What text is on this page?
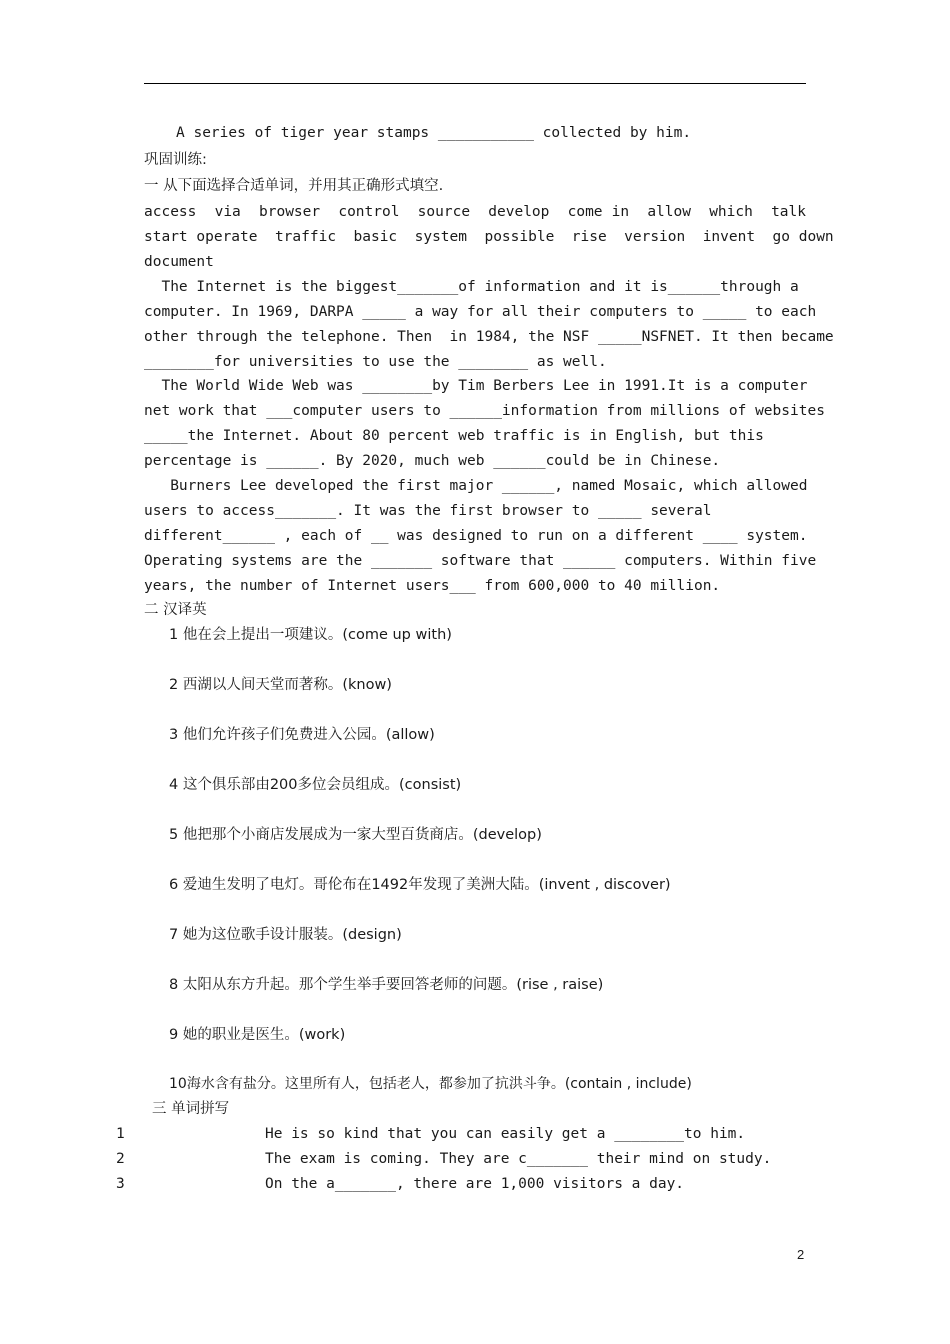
A series of tiger year stamps ___________ collected by him.
巩固训练:
一 从下面选择合适单词，并用其正确形式填空.
access  via  browser  control  source  develop  come in  allow  which  talk
start operate  traffic  basic  system  possible  rise  version  invent  go down
document
The Internet is the biggest_______of information and it is______through a
computer. In 1969, DARPA _____ a way for all their computers to _____ to each
other through the telephone. Then  in 1984, the NSF _____NSFNET. It then became
________for universities to use the ________ as well.
The World Wide Web was ________by Tim Berbers Lee in 1991.It is a computer
net work that ___computer users to ______information from millions of websites
_____the Internet. About 80 percent web traffic is in English, but this
percentage is ______. By 2020, much web ______could be in Chinese.
Burners Lee developed the first major ______, named Mosaic, which allowed
users to access_______. It was the first browser to _____ several
different______ , each of __ was designed to run on a different ____ system.
Operating systems are the _______ software that ______ computers. Within five
years, the number of Internet users___ from 600,000 to 40 million.
二 汉译英
1 他在会上提出一项建议。(come up with)
2 西湖以人间天堂而著称。(know)
3 他们允许孩子们免费进入公园。(allow)
4 这个俱乐部由200多位会员组成。(consist)
5 他把那个小商店发展成为一家大型百货商店。(develop)
6 爱迪生发明了电灯。哥伦布在1492年发现了美洲大陆。(invent , discover)
7 她为这位歌手设计服装。(design)
8 太阳从东方升起。那个学生举手要回答老师的问题。(rise , raise)
9 她的职业是医生。(work)
10海水含有盐分。这里所有人，包括老人，都参加了抗洪斗争。(contain , include)
三 单词拼写
1	He is so kind that you can easily get a ________to him.
2	The exam is coming. They are c_______ their mind on study.
3	On the a_______, there are 1,000 visitors a day.
2
